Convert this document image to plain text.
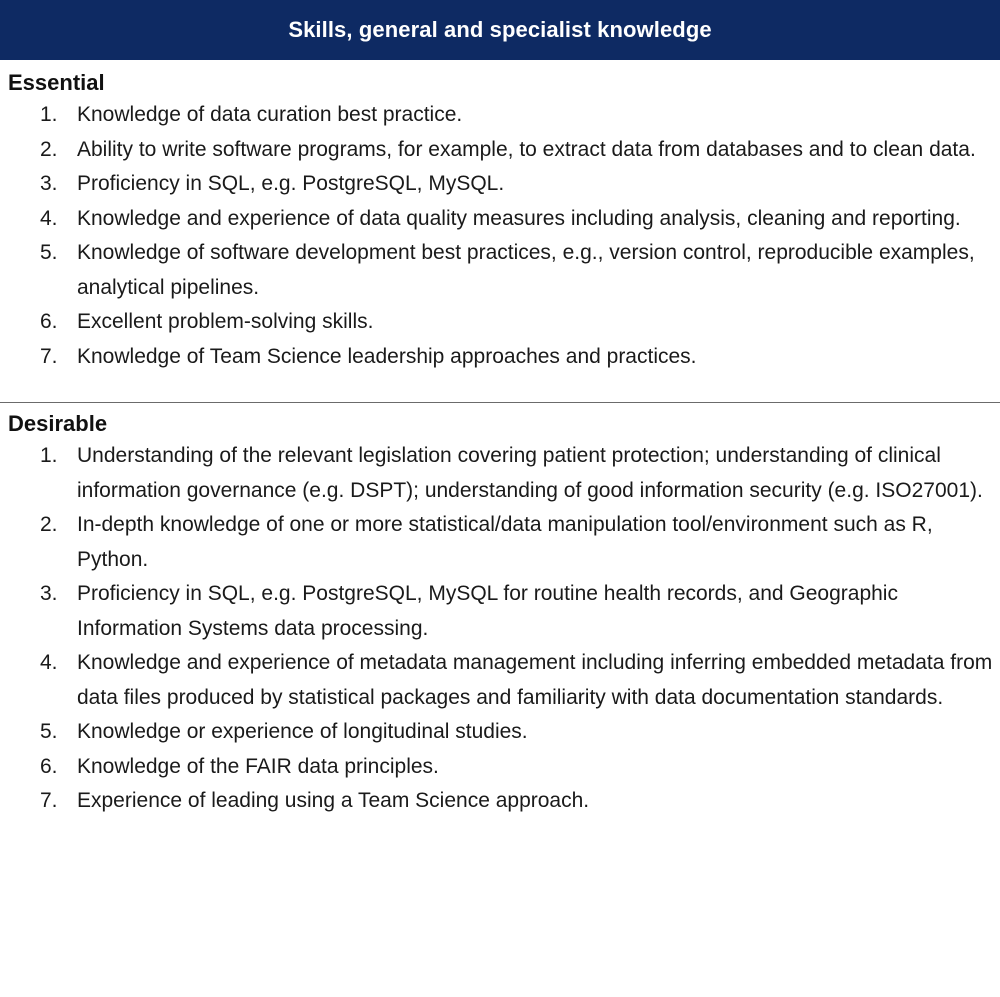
Skills, general and specialist knowledge
Essential
1. Knowledge of data curation best practice.
2. Ability to write software programs, for example, to extract data from databases and to clean data.
3. Proficiency in SQL, e.g. PostgreSQL, MySQL.
4. Knowledge and experience of data quality measures including analysis, cleaning and reporting.
5. Knowledge of software development best practices, e.g., version control, reproducible examples, analytical pipelines.
6. Excellent problem-solving skills.
7. Knowledge of Team Science leadership approaches and practices.
Desirable
1. Understanding of the relevant legislation covering patient protection; understanding of clinical information governance (e.g. DSPT); understanding of good information security (e.g. ISO27001).
2. In-depth knowledge of one or more statistical/data manipulation tool/environment such as R, Python.
3. Proficiency in SQL, e.g. PostgreSQL, MySQL for routine health records, and Geographic Information Systems data processing.
4. Knowledge and experience of metadata management including inferring embedded metadata from data files produced by statistical packages and familiarity with data documentation standards.
5. Knowledge or experience of longitudinal studies.
6. Knowledge of the FAIR data principles.
7. Experience of leading using a Team Science approach.
